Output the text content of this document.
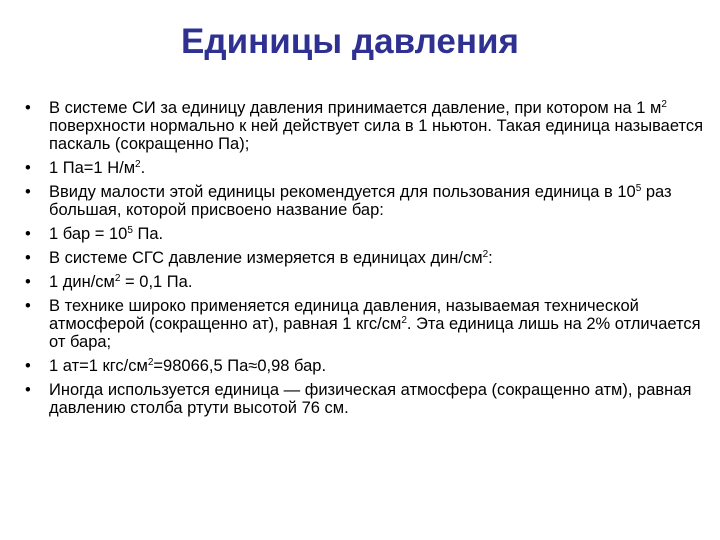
Единицы давления
• В системе СИ за единицу давления принимается давление, при котором на 1 $м^2$ поверхности нормально к ней действует сила в 1 ньютон. Такая единица называется паскаль (сокращенно Па);
• 1 Па=1 $Н/м^2$.
• Ввиду малости этой единицы рекомендуется для пользования единица в $10^5$ раз большая, которой присвоено название бар:
• 1 бар = $10^5$ Па.
• В системе СГС давление измеряется в единицах дин/$см^2$:
• 1 дин/$см^2 = 0,1$ Па.
• В технике широко применяется единица давления, называемая технической атмосферой (сокращенно ат), равная 1 кгс/$см^2$. Эта единица лишь на 2% отличается от бара;
• 1 ат=1 кгс/$см^2=98066,5$ Па≈0,98 бар.
• Иногда используется единица — физическая атмосфера (сокращенно атм), равная давлению столба ртути высотой 76 см.
